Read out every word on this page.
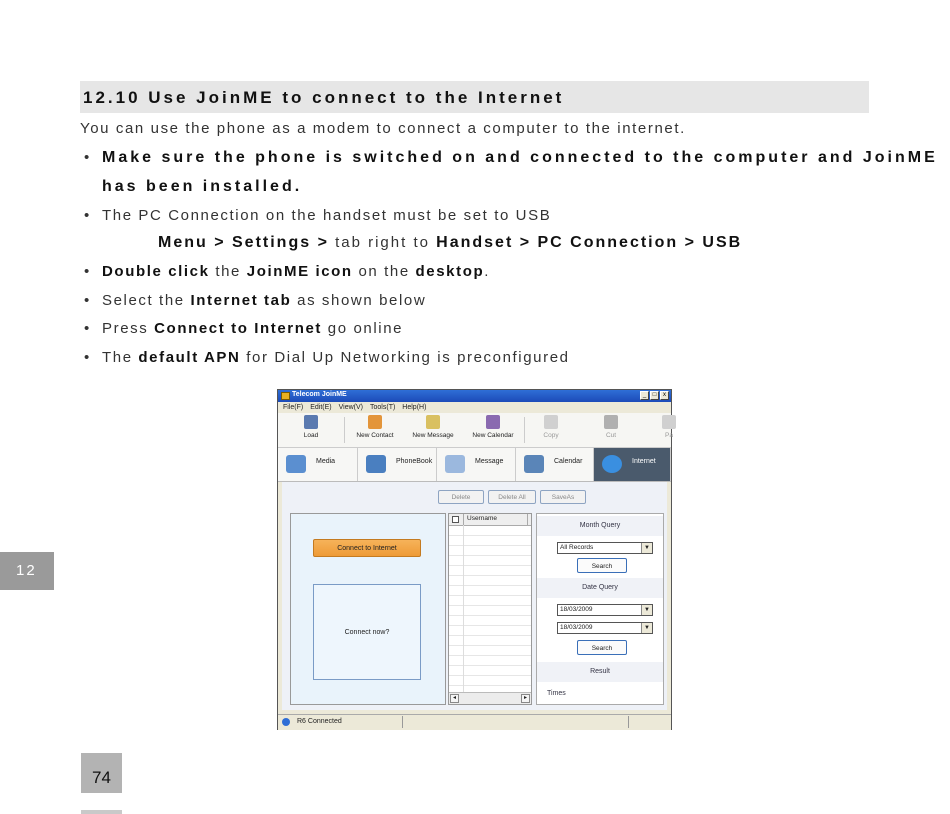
12.10 Use JoinME to connect to the Internet
You can use the phone as a modem to connect a computer to the internet.
• Make sure the phone is switched on and connected to the computer and JoinME
has been installed.
• The PC Connection on the handset must be set to USB
Menu > Settings > tab right to Handset > PC Connection > USB
• Double click the JoinME icon on the desktop.
• Select the Internet tab as shown below
• Press Connect to Internet go online
• The default APN for Dial Up Networking is preconfigured
12
74
Telecom JoinME	_	□	x
File(F) Edit(E) View(V) Tools(T) Help(H)
Load	New Contact	New Message	New Calendar	Copy	Cut	Pa
Media	PhoneBook	Message	Calendar	Internet
Delete	Delete All	SaveAs
Connect to Internet
Connect now?
Username
◂	▸
Month Query
All Records	▼
Search
Date Query
18/03/2009	▼
18/03/2009	▼
Search
Result
Times
R6 Connected
